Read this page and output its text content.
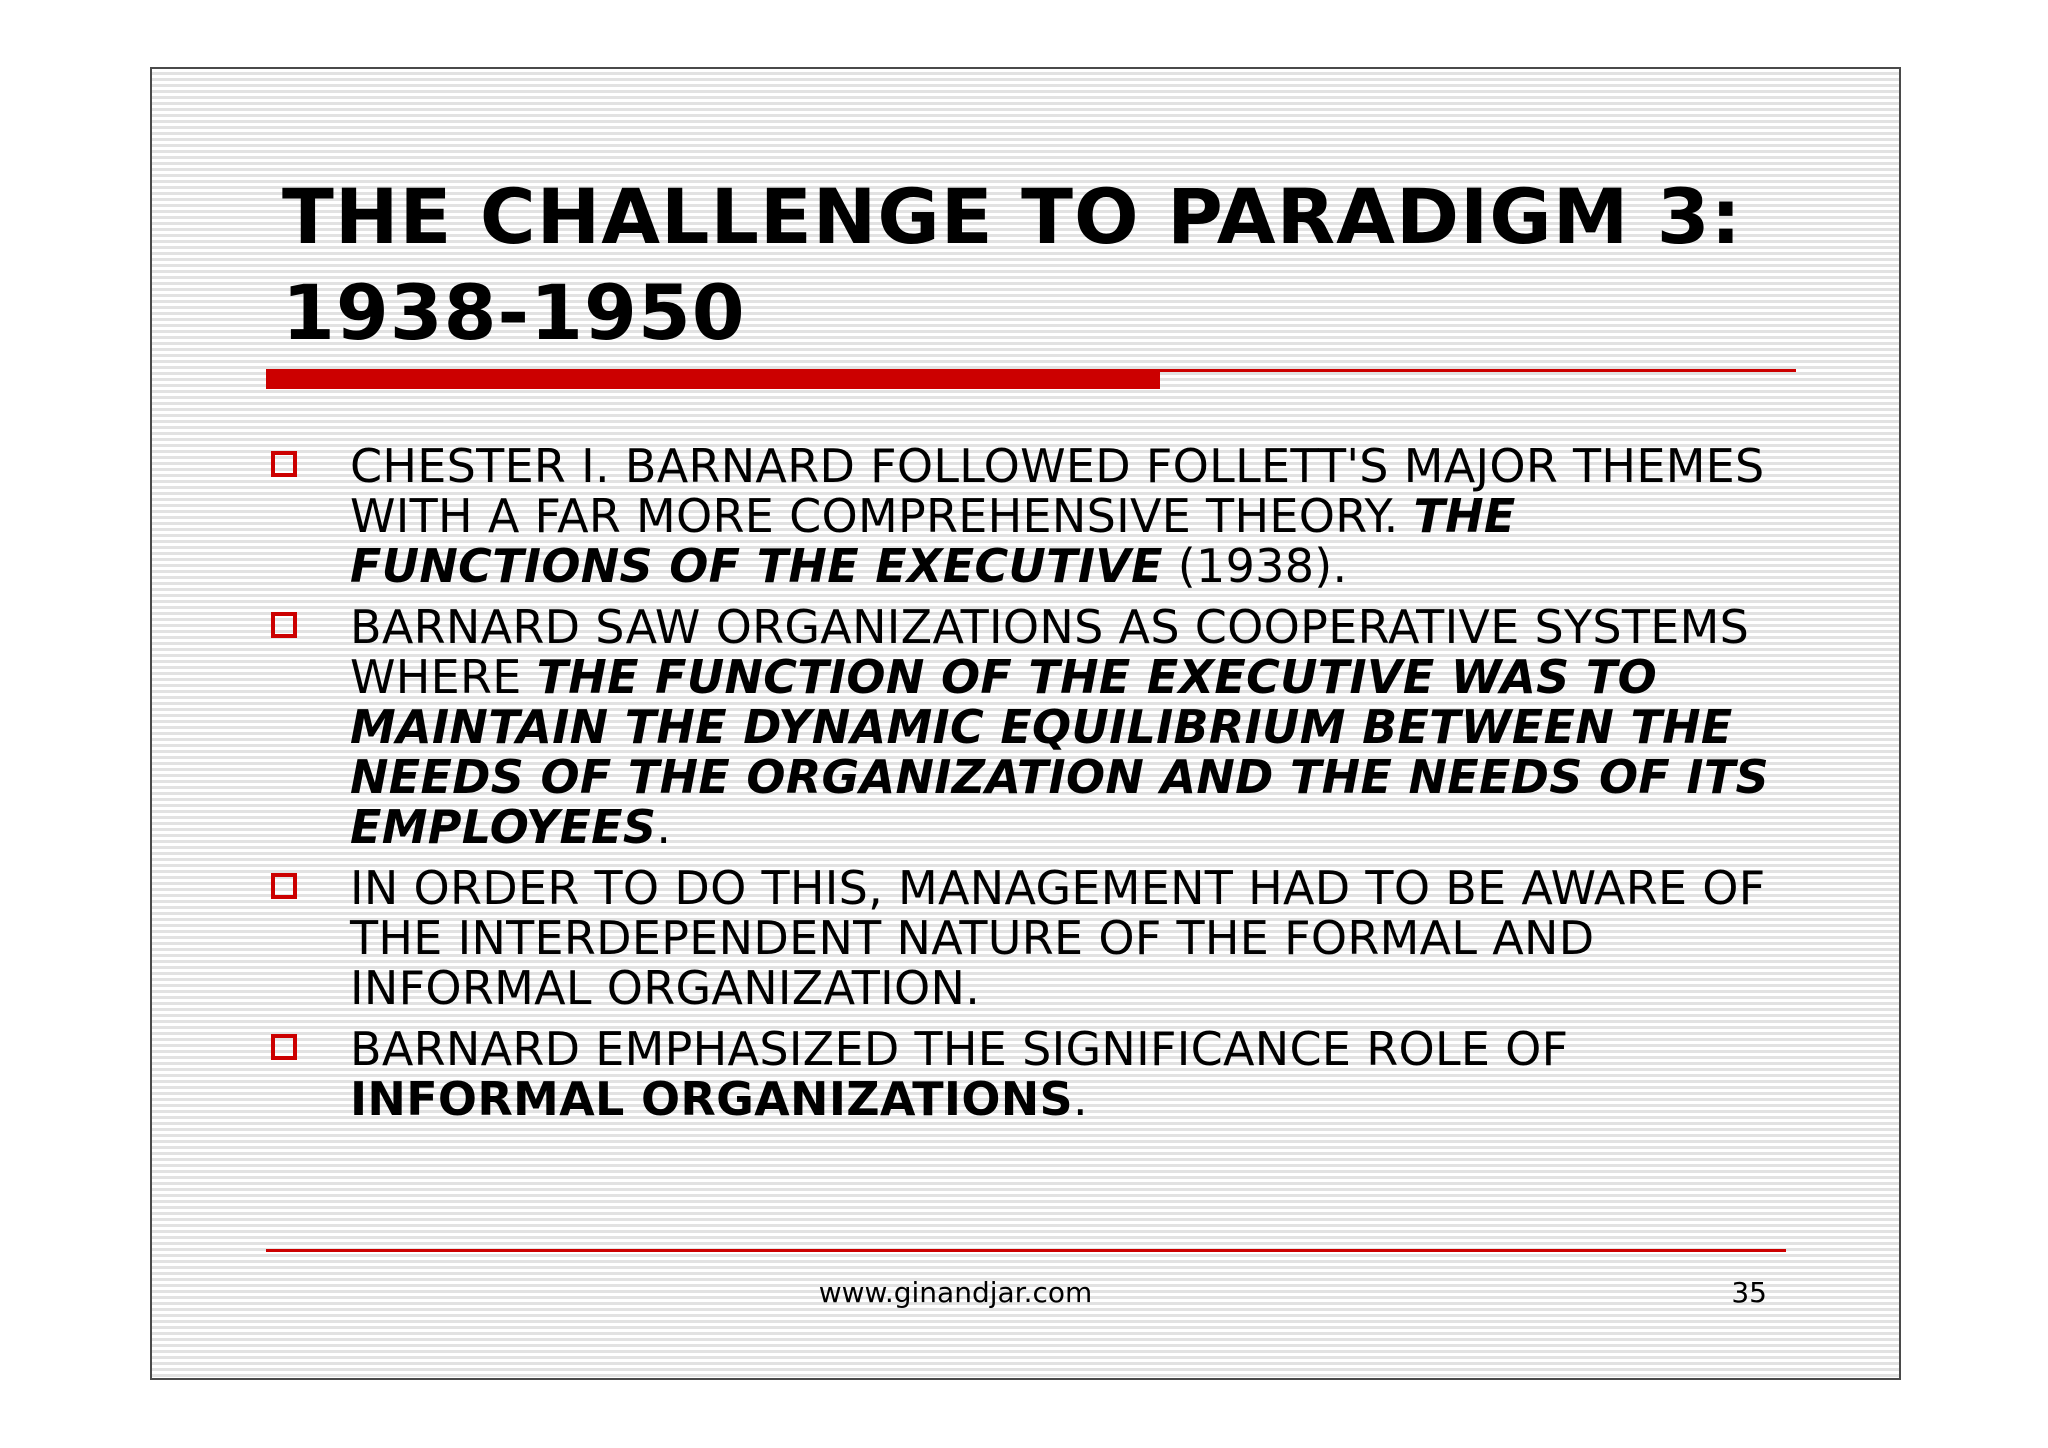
THE CHALLENGE TO PARADIGM 3:
1938-1950
CHESTER I. BARNARD FOLLOWED FOLLETT'S MAJOR THEMES WITH A FAR MORE COMPREHENSIVE THEORY. THE FUNCTIONS OF THE EXECUTIVE (1938).
BARNARD SAW ORGANIZATIONS AS COOPERATIVE SYSTEMS WHERE THE FUNCTION OF THE EXECUTIVE WAS TO MAINTAIN THE DYNAMIC EQUILIBRIUM BETWEEN THE NEEDS OF THE ORGANIZATION AND THE NEEDS OF ITS EMPLOYEES.
IN ORDER TO DO THIS, MANAGEMENT HAD TO BE AWARE OF THE INTERDEPENDENT NATURE OF THE FORMAL AND INFORMAL ORGANIZATION.
BARNARD EMPHASIZED THE SIGNIFICANCE ROLE OF INFORMAL ORGANIZATIONS.
www.ginandjar.com	35
